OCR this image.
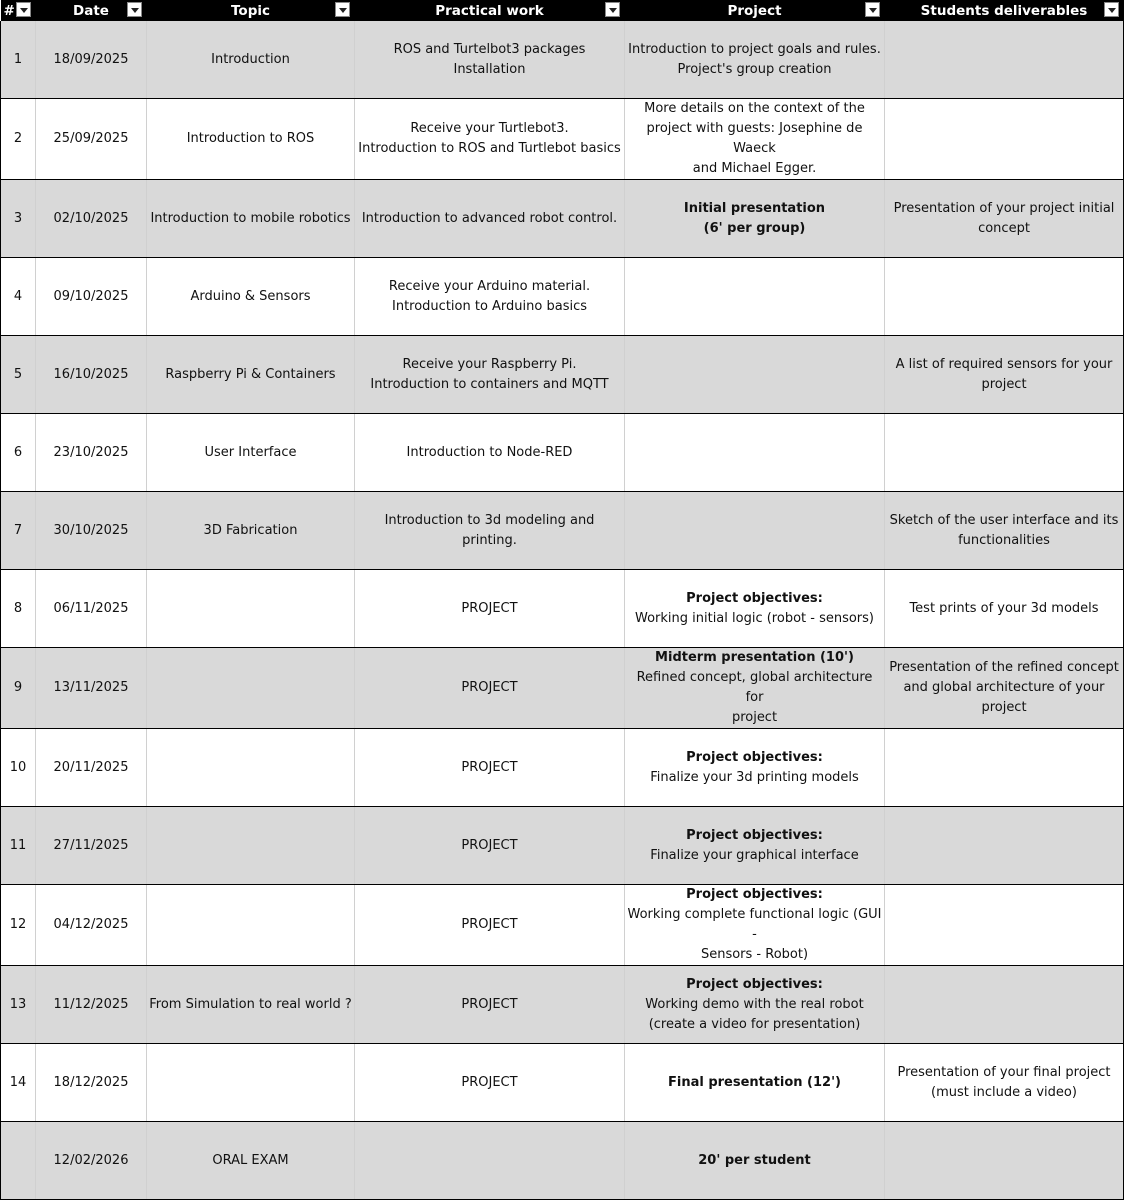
#	Date	Topic	Practical work	Project	Students deliverables

1	18/09/2025	Introduction	ROS and Turtelbot3 packages Installation	Introduction to project goals and rules.
Project's group creation	

2	25/09/2025	Introduction to ROS	Receive your Turtlebot3.
Introduction to ROS and Turtlebot basics	More details on the context of the
project with guests: Josephine de Waeck
and Michael Egger.	

3	02/10/2025	Introduction to mobile robotics	Introduction to advanced robot control.	Initial presentation
(6' per group)	Presentation of your project initial
concept

4	09/10/2025	Arduino & Sensors	Receive your Arduino material.
Introduction to Arduino basics		

5	16/10/2025	Raspberry Pi & Containers	Receive your Raspberry Pi.
Introduction to containers and MQTT		A list of required sensors for your
project

6	23/10/2025	User Interface	Introduction to Node-RED		

7	30/10/2025	3D Fabrication	Introduction to 3d modeling and printing.		Sketch of the user interface and its
functionalities

8	06/11/2025		PROJECT	Project objectives:
Working initial logic (robot - sensors)	Test prints of your 3d models

9	13/11/2025		PROJECT	Midterm presentation (10')
Refined concept, global architecture for
project	Presentation of the refined concept
and global architecture of your
project

10	20/11/2025		PROJECT	Project objectives:
Finalize your 3d printing models	

11	27/11/2025		PROJECT	Project objectives:
Finalize your graphical interface	

12	04/12/2025		PROJECT	Project objectives:
Working complete functional logic (GUI -
Sensors - Robot)	

13	11/12/2025	From Simulation to real world ?	PROJECT	Project objectives:
Working demo with the real robot
(create a video for presentation)	

14	18/12/2025		PROJECT	Final presentation (12')	Presentation of your final project
(must include a video)

	12/02/2026	ORAL EXAM		20' per student	
